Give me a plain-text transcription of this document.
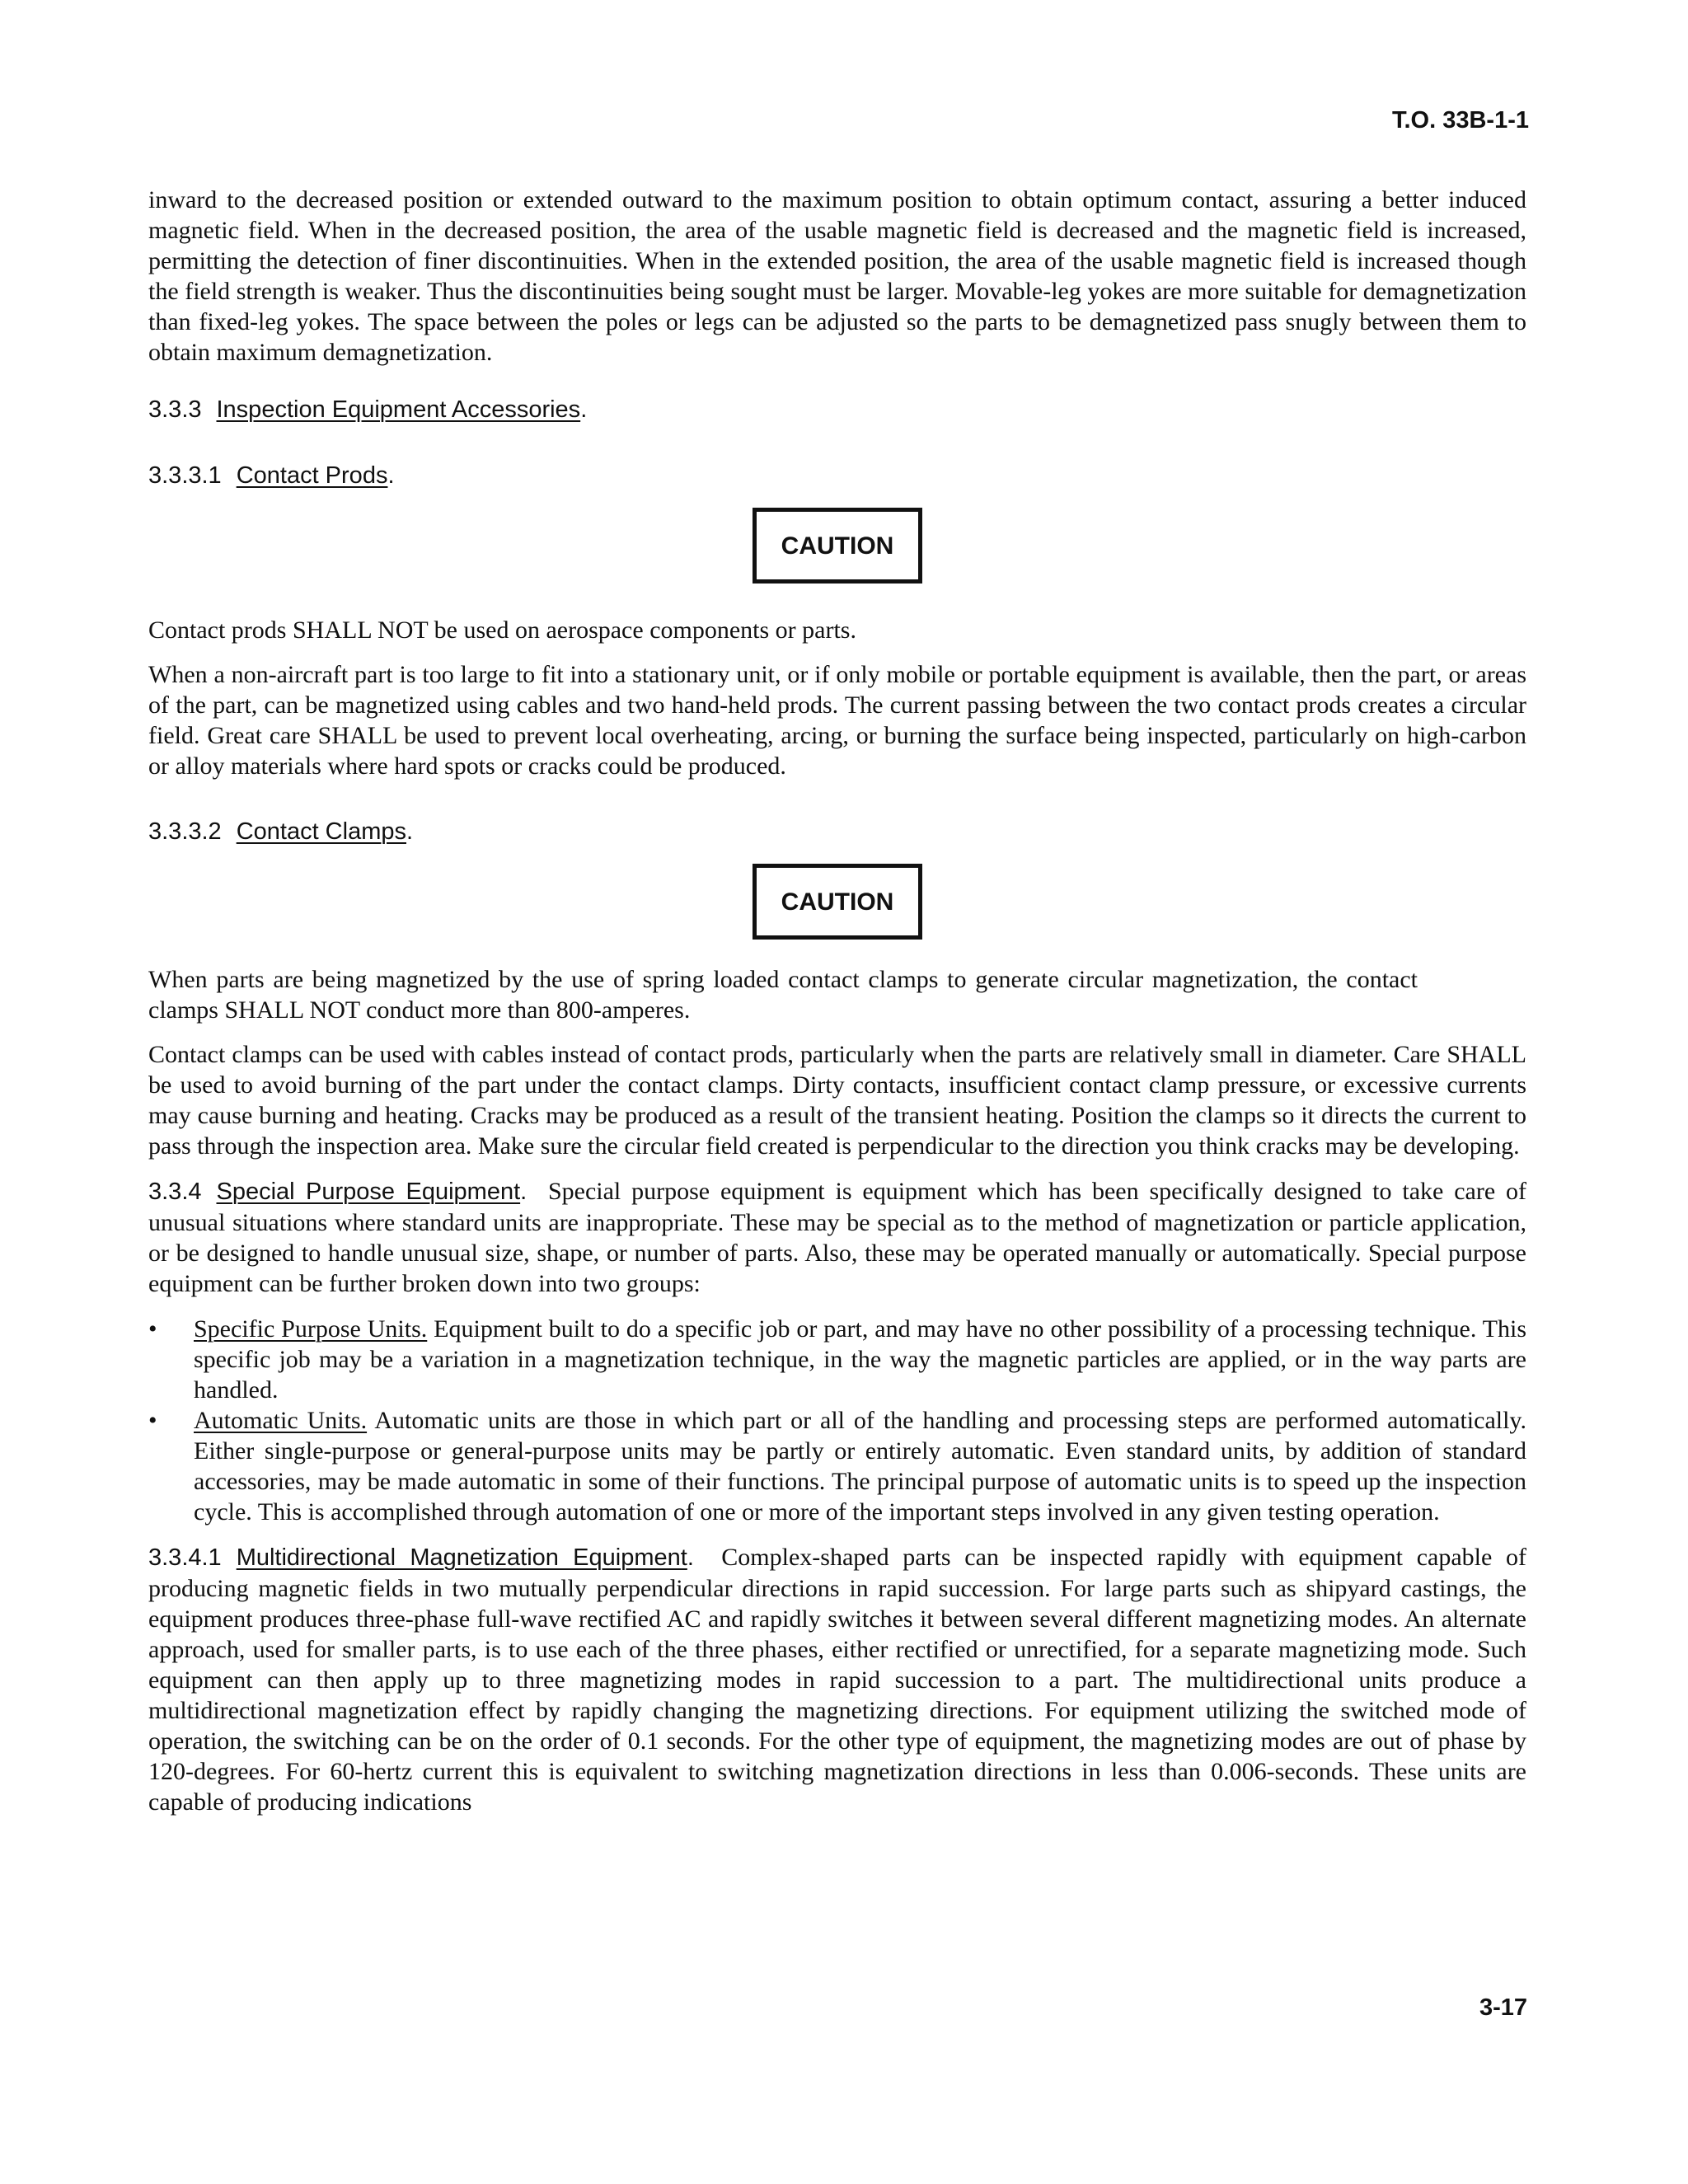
T.O. 33B-1-1

inward to the decreased position or extended outward to the maximum position to obtain optimum contact, assuring a better induced magnetic field. When in the decreased position, the area of the usable magnetic field is decreased and the magnetic field is increased, permitting the detection of finer discontinuities. When in the extended position, the area of the usable magnetic field is increased though the field strength is weaker. Thus the discontinuities being sought must be larger. Movable-leg yokes are more suitable for demagnetization than fixed-leg yokes. The space between the poles or legs can be adjusted so the parts to be demagnetized pass snugly between them to obtain maximum demagnetization.

3.3.3 Inspection Equipment Accessories.

3.3.3.1 Contact Prods.

CAUTION

Contact prods SHALL NOT be used on aerospace components or parts.

When a non-aircraft part is too large to fit into a stationary unit, or if only mobile or portable equipment is available, then the part, or areas of the part, can be magnetized using cables and two hand-held prods. The current passing between the two contact prods creates a circular field. Great care SHALL be used to prevent local overheating, arcing, or burning the surface being inspected, particularly on high-carbon or alloy materials where hard spots or cracks could be produced.

3.3.3.2 Contact Clamps.

CAUTION

When parts are being magnetized by the use of spring loaded contact clamps to generate circular magnetization, the contact clamps SHALL NOT conduct more than 800-amperes.

Contact clamps can be used with cables instead of contact prods, particularly when the parts are relatively small in diameter. Care SHALL be used to avoid burning of the part under the contact clamps. Dirty contacts, insufficient contact clamp pressure, or excessive currents may cause burning and heating. Cracks may be produced as a result of the transient heating. Position the clamps so it directs the current to pass through the inspection area. Make sure the circular field created is perpendicular to the direction you think cracks may be developing.

3.3.4 Special Purpose Equipment. Special purpose equipment is equipment which has been specifically designed to take care of unusual situations where standard units are inappropriate. These may be special as to the method of magnetization or particle application, or be designed to handle unusual size, shape, or number of parts. Also, these may be operated manually or automatically. Special purpose equipment can be further broken down into two groups:

• Specific Purpose Units. Equipment built to do a specific job or part, and may have no other possibility of a processing technique. This specific job may be a variation in a magnetization technique, in the way the magnetic particles are applied, or in the way parts are handled.
• Automatic Units. Automatic units are those in which part or all of the handling and processing steps are performed automatically. Either single-purpose or general-purpose units may be partly or entirely automatic. Even standard units, by addition of standard accessories, may be made automatic in some of their functions. The principal purpose of automatic units is to speed up the inspection cycle. This is accomplished through automation of one or more of the important steps involved in any given testing operation.

3.3.4.1 Multidirectional Magnetization Equipment. Complex-shaped parts can be inspected rapidly with equipment capable of producing magnetic fields in two mutually perpendicular directions in rapid succession. For large parts such as shipyard castings, the equipment produces three-phase full-wave rectified AC and rapidly switches it between several different magnetizing modes. An alternate approach, used for smaller parts, is to use each of the three phases, either rectified or unrectified, for a separate magnetizing mode. Such equipment can then apply up to three magnetizing modes in rapid succession to a part. The multidirectional units produce a multidirectional magnetization effect by rapidly changing the magnetizing directions. For equipment utilizing the switched mode of operation, the switching can be on the order of 0.1 seconds. For the other type of equipment, the magnetizing modes are out of phase by 120-degrees. For 60-hertz current this is equivalent to switching magnetization directions in less than 0.006-seconds. These units are capable of producing indications

3-17
